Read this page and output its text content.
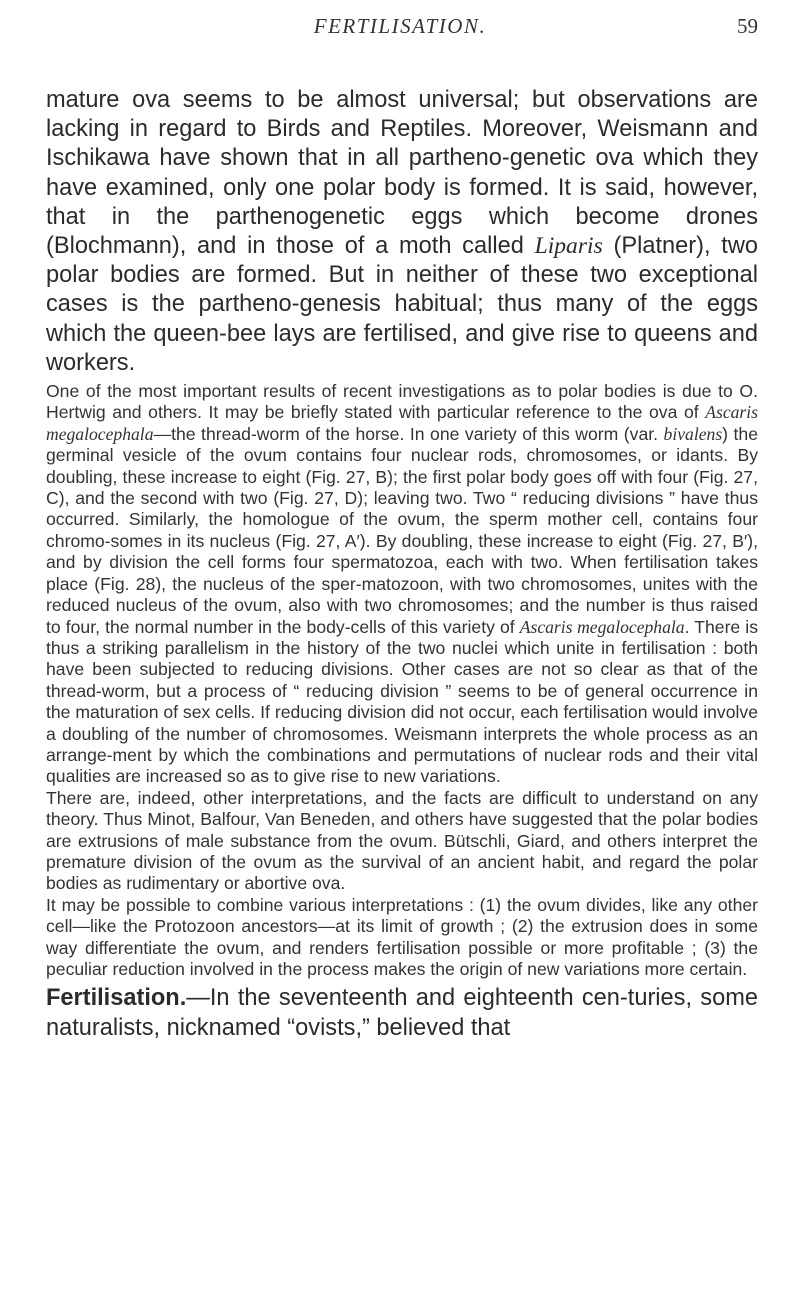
FERTILISATION.	59

mature ova seems to be almost universal; but observations are lacking in regard to Birds and Reptiles. Moreover, Weismann and Ischikawa have shown that in all partheno-genetic ova which they have examined, only one polar body is formed. It is said, however, that in the parthenogenetic eggs which become drones (Blochmann), and in those of a moth called Liparis (Platner), two polar bodies are formed. But in neither of these two exceptional cases is the partheno-genesis habitual; thus many of the eggs which the queen-bee lays are fertilised, and give rise to queens and workers.

One of the most important results of recent investigations as to polar bodies is due to O. Hertwig and others. It may be briefly stated with particular reference to the ova of Ascaris megalocephala—the thread-worm of the horse. In one variety of this worm (var. bivalens) the germinal vesicle of the ovum contains four nuclear rods, chromosomes, or idants. By doubling, these increase to eight (Fig. 27, B); the first polar body goes off with four (Fig. 27, C), and the second with two (Fig. 27, D); leaving two. Two “ reducing divisions ” have thus occurred. Similarly, the homologue of the ovum, the sperm mother cell, contains four chromo-somes in its nucleus (Fig. 27, A′). By doubling, these increase to eight (Fig. 27, B′), and by division the cell forms four spermatozoa, each with two. When fertilisation takes place (Fig. 28), the nucleus of the sper-matozoon, with two chromosomes, unites with the reduced nucleus of the ovum, also with two chromosomes; and the number is thus raised to four, the normal number in the body-cells of this variety of Ascaris megalocephala. There is thus a striking parallelism in the history of the two nuclei which unite in fertilisation : both have been subjected to reducing divisions. Other cases are not so clear as that of the thread-worm, but a process of “ reducing division ” seems to be of general occurrence in the maturation of sex cells. If reducing division did not occur, each fertilisation would involve a doubling of the number of chromosomes. Weismann interprets the whole process as an arrange-ment by which the combinations and permutations of nuclear rods and their vital qualities are increased so as to give rise to new variations.

There are, indeed, other interpretations, and the facts are difficult to understand on any theory. Thus Minot, Balfour, Van Beneden, and others have suggested that the polar bodies are extrusions of male substance from the ovum. Bütschli, Giard, and others interpret the premature division of the ovum as the survival of an ancient habit, and regard the polar bodies as rudimentary or abortive ova.

It may be possible to combine various interpretations : (1) the ovum divides, like any other cell—like the Protozoon ancestors—at its limit of growth ; (2) the extrusion does in some way differentiate the ovum, and renders fertilisation possible or more profitable ; (3) the peculiar reduction involved in the process makes the origin of new variations more certain.

Fertilisation.—In the seventeenth and eighteenth cen-turies, some naturalists, nicknamed “ovists,” believed that
